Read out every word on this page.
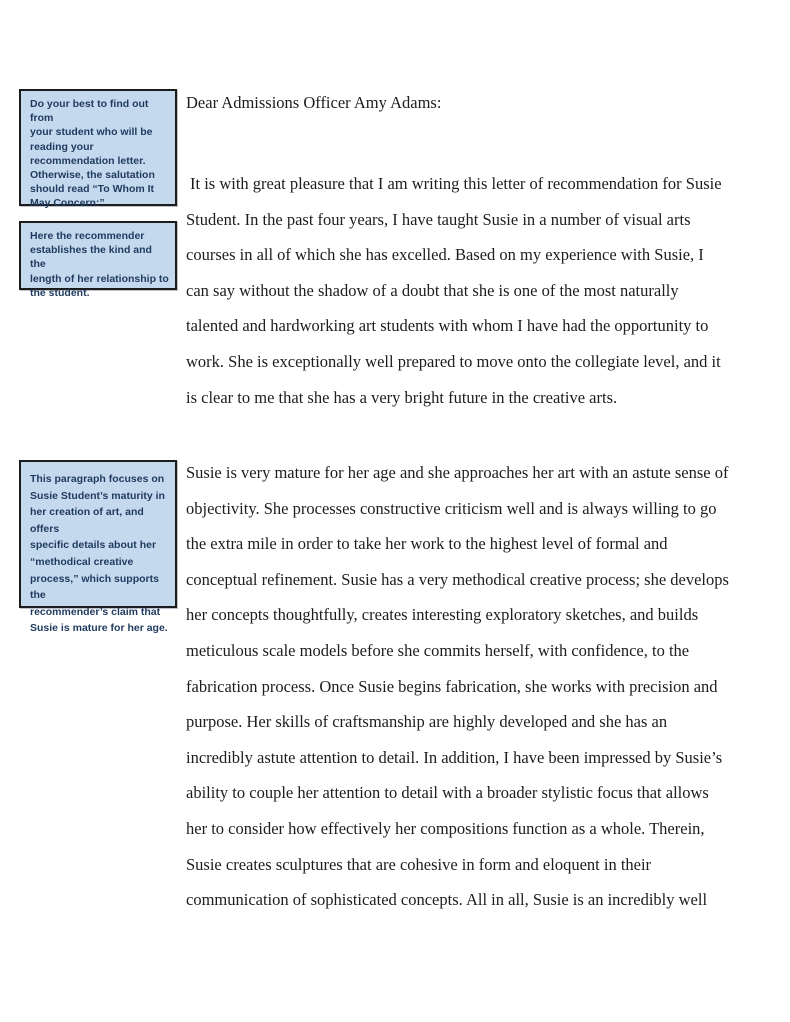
Do your best to find out from
your student who will be
reading your
recommendation letter.
Otherwise, the salutation
should read “To Whom It
May Concern:”
Here the recommender
establishes the kind and the
length of her relationship to
the student.
This paragraph focuses on
Susie Student’s maturity in
her creation of art, and offers
specific details about her
“methodical creative
process,” which supports the
recommender’s claim that
Susie is mature for her age.
Dear Admissions Officer Amy Adams:
It is with great pleasure that I am writing this letter of recommendation for Susie
Student. In the past four years, I have taught Susie in a number of visual arts
courses in all of which she has excelled. Based on my experience with Susie, I
can say without the shadow of a doubt that she is one of the most naturally
talented and hardworking art students with whom I have had the opportunity to
work. She is exceptionally well prepared to move onto the collegiate level, and it
is clear to me that she has a very bright future in the creative arts.
Susie is very mature for her age and she approaches her art with an astute sense of
objectivity. She processes constructive criticism well and is always willing to go
the extra mile in order to take her work to the highest level of formal and
conceptual refinement. Susie has a very methodical creative process; she develops
her concepts thoughtfully, creates interesting exploratory sketches, and builds
meticulous scale models before she commits herself, with confidence, to the
fabrication process. Once Susie begins fabrication, she works with precision and
purpose. Her skills of craftsmanship are highly developed and she has an
incredibly astute attention to detail. In addition, I have been impressed by Susie’s
ability to couple her attention to detail with a broader stylistic focus that allows
her to consider how effectively her compositions function as a whole. Therein,
Susie creates sculptures that are cohesive in form and eloquent in their
communication of sophisticated concepts. All in all, Susie is an incredibly well
